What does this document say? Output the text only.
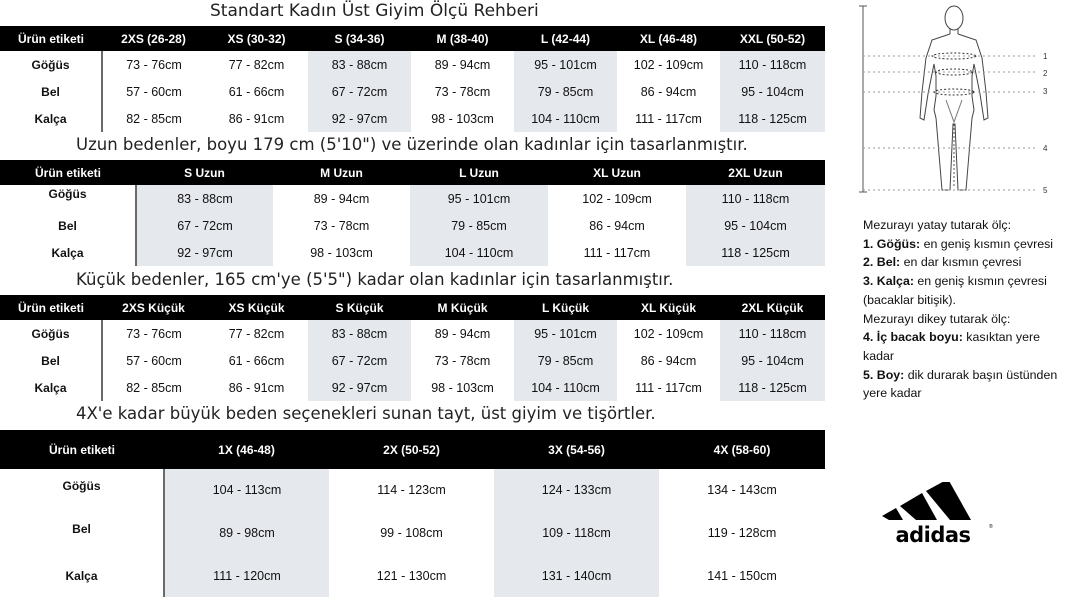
Standart Kadın Üst Giyim Ölçü Rehberi
Ürün etiketi	2XS (26-28)	XS (30-32)	S (34-36)	M (38-40)	L (42-44)	XL (46-48)	XXL (50-52)
Göğüs	73 - 76cm	77 - 82cm	83 - 88cm	89 - 94cm	95 - 101cm	102 - 109cm	110 - 118cm
Bel	57 - 60cm	61 - 66cm	67 - 72cm	73 - 78cm	79 - 85cm	86 - 94cm	95 - 104cm
Kalça	82 - 85cm	86 - 91cm	92 - 97cm	98 - 103cm	104 - 110cm	111 - 117cm	118 - 125cm
Uzun bedenler, boyu 179 cm (5'10") ve üzerinde olan kadınlar için tasarlanmıştır.
Ürün etiketi	S Uzun	M Uzun	L Uzun	XL Uzun	2XL Uzun
Göğüs	83 - 88cm	89 - 94cm	95 - 101cm	102 - 109cm	110 - 118cm
Bel	67 - 72cm	73 - 78cm	79 - 85cm	86 - 94cm	95 - 104cm
Kalça	92 - 97cm	98 - 103cm	104 - 110cm	111 - 117cm	118 - 125cm
Küçük bedenler, 165 cm'ye (5'5") kadar olan kadınlar için tasarlanmıştır.
Ürün etiketi	2XS Küçük	XS Küçük	S Küçük	M Küçük	L Küçük	XL Küçük	2XL Küçük
Göğüs	73 - 76cm	77 - 82cm	83 - 88cm	89 - 94cm	95 - 101cm	102 - 109cm	110 - 118cm
Bel	57 - 60cm	61 - 66cm	67 - 72cm	73 - 78cm	79 - 85cm	86 - 94cm	95 - 104cm
Kalça	82 - 85cm	86 - 91cm	92 - 97cm	98 - 103cm	104 - 110cm	111 - 117cm	118 - 125cm
4X'e kadar büyük beden seçenekleri sunan tayt, üst giyim ve tişörtler.
Ürün etiketi	1X (46-48)	2X (50-52)	3X (54-56)	4X (58-60)
Göğüs	104 - 113cm	114 - 123cm	124 - 133cm	134 - 143cm
Bel	89 - 98cm	99 - 108cm	109 - 118cm	119 - 128cm
Kalça	111 - 120cm	121 - 130cm	131 - 140cm	141 - 150cm
1
2
3
4
5
Mezurayı yatay tutarak ölç:
1. Göğüs: en geniş kısmın çevresi
2. Bel: en dar kısmın çevresi
3. Kalça: en geniş kısmın çevresi (bacaklar bitişik).
Mezurayı dikey tutarak ölç:
4. İç bacak boyu: kasıktan yere kadar
5. Boy: dik durarak başın üstünden yere kadar
adidas	®
